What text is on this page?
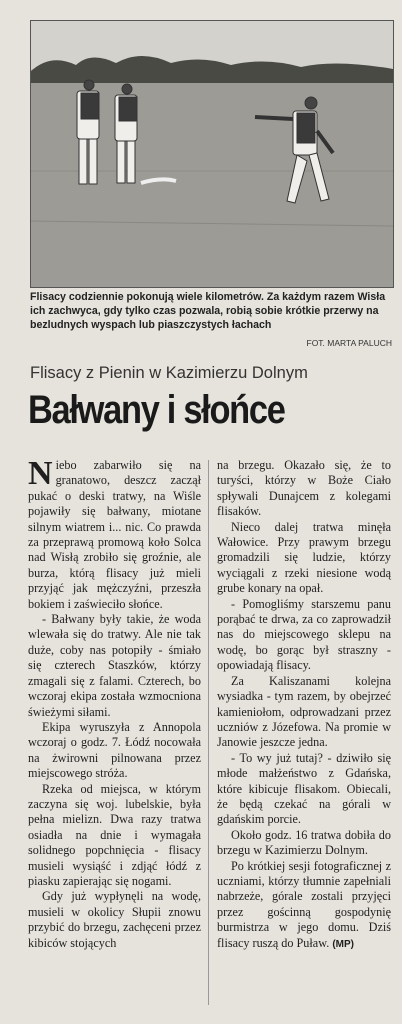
Flisacy codziennie pokonują wiele kilometrów. Za każdym razem Wisła ich zachwyca, gdy tylko czas pozwala, robią sobie krótkie przerwy na bezludnych wyspach lub piaszczystych łachach
FOT. MARTA PALUCH
Flisacy z Pienin w Kazimierzu Dolnym
Bałwany i słońce

Niebo zabarwiło się na granatowo, deszcz zaczął pukać o deski tratwy, na Wiśle pojawiły się bałwany, miotane silnym wiatrem i... nic. Co prawda za przeprawą promową koło Solca nad Wisłą zrobiło się groźnie, ale burza, którą flisacy już mieli przyjąć jak mężczyźni, przeszła bokiem i zaświeciło słońce.

- Bałwany były takie, że woda wlewała się do tratwy. Ale nie tak duże, coby nas potopiły - śmiało się czterech Staszków, którzy zmagali się z falami. Czterech, bo wczoraj ekipa została wzmocniona świeżymi siłami.

Ekipa wyruszyła z Annopola wczoraj o godz. 7. Łódź nocowała na żwirowni pilnowana przez miejscowego stróża.

Rzeka od miejsca, w którym zaczyna się woj. lubelskie, była pełna mielizn. Dwa razy tratwa osiadła na dnie i wymagała solidnego popchnięcia - flisacy musieli wysiąść i zdjąć łódź z piasku zapierając się nogami.

Gdy już wypłynęli na wodę, musieli w okolicy Słupii znowu przybić do brzegu, zachęceni przez kibiców stojących

na brzegu. Okazało się, że to turyści, którzy w Boże Ciało spływali Dunajcem z kolegami flisaków.

Nieco dalej tratwa minęła Wałowice. Przy prawym brzegu gromadzili się ludzie, którzy wyciągali z rzeki niesione wodą grube konary na opał.

- Pomogliśmy starszemu panu porąbać te drwa, za co zaprowadził nas do miejscowego sklepu na wodę, bo gorąc był straszny - opowiadają flisacy.

Za Kaliszanami kolejna wysiadka - tym razem, by obejrzeć kamieniołom, odprowadzani przez uczniów z Józefowa. Na promie w Janowie jeszcze jedna.

- To wy już tutaj? - dziwiło się młode małżeństwo z Gdańska, które kibicuje flisakom. Obiecali, że będą czekać na górali w gdańskim porcie.

Około godz. 16 tratwa dobiła do brzegu w Kazimierzu Dolnym.

Po krótkiej sesji fotograficznej z uczniami, którzy tłumnie zapełniali nabrzeże, górale zostali przyjęci przez gościnną gospodynię burmistrza w jego domu. Dziś flisacy ruszą do Puław. (MP)
